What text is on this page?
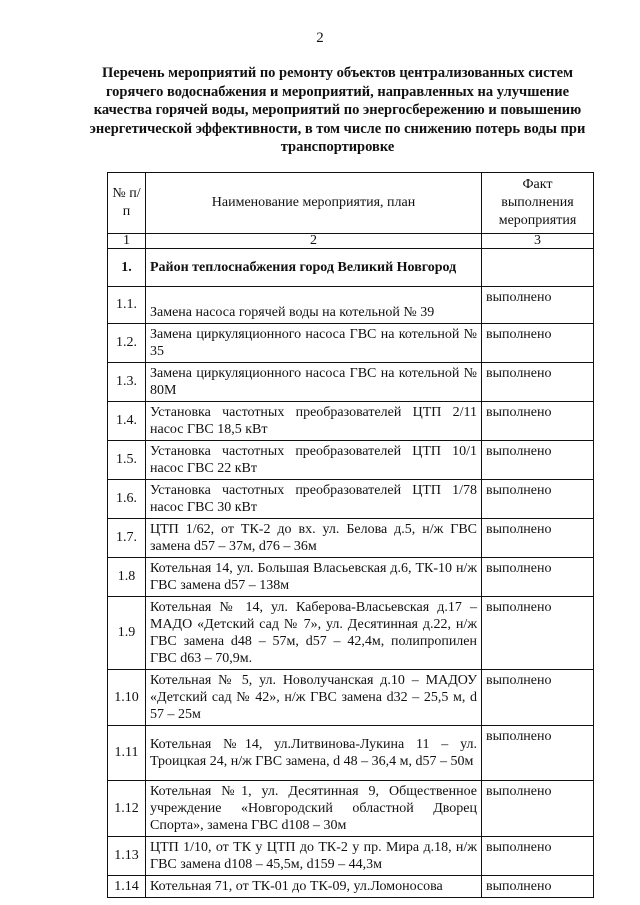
2
Перечень мероприятий по ремонту объектов централизованных систем горячего водоснабжения и мероприятий, направленных на улучшение качества горячей воды, мероприятий по энергосбережению и повышению энергетической эффективности, в том числе по снижению потерь воды при транспортировке
№ п/п	Наименование мероприятия, план	Факт выполнения мероприятия
1	2	3
1.	Район теплоснабжения город Великий Новгород	
1.1.	Замена насоса горячей воды на котельной № 39	выполнено
1.2.	Замена циркуляционного насоса ГВС на котельной № 35	выполнено
1.3.	Замена циркуляционного насоса ГВС на котельной № 80М	выполнено
1.4.	Установка частотных преобразователей ЦТП 2/11 насос ГВС 18,5 кВт	выполнено
1.5.	Установка частотных преобразователей ЦТП 10/1 насос ГВС 22 кВт	выполнено
1.6.	Установка частотных преобразователей ЦТП 1/78 насос ГВС 30 кВт	выполнено
1.7.	ЦТП 1/62, от ТК-2 до вх. ул. Белова д.5, н/ж ГВС замена d57 – 37м, d76 – 36м	выполнено
1.8	Котельная 14, ул. Большая Власьевская д.6, ТК-10 н/ж ГВС замена d57 – 138м	выполнено
1.9	Котельная № 14, ул. Каберова-Власьевская д.17 – МАДО «Детский сад № 7», ул. Десятинная д.22, н/ж ГВС замена d48 – 57м, d57 – 42,4м, полипропилен ГВС d63 – 70,9м.	выполнено
1.10	Котельная № 5, ул. Новолучанская д.10 – МАДОУ «Детский сад № 42», н/ж ГВС замена d32 – 25,5 м, d 57 – 25м	выполнено
1.11	Котельная №14, ул.Литвинова-Лукина 11 – ул. Троицкая 24, н/ж ГВС замена, d 48 – 36,4 м, d57 – 50м	выполнено
1.12	Котельная №1, ул. Десятинная 9, Общественное учреждение «Новгородский областной Дворец Спорта», замена ГВС d108 – 30м	выполнено
1.13	ЦТП 1/10, от ТК у ЦТП до ТК-2 у пр. Мира д.18, н/ж ГВС замена d108 – 45,5м, d159 – 44,3м	выполнено
1.14	Котельная 71, от ТК-01 до ТК-09, ул.Ломоносова	выполнено
